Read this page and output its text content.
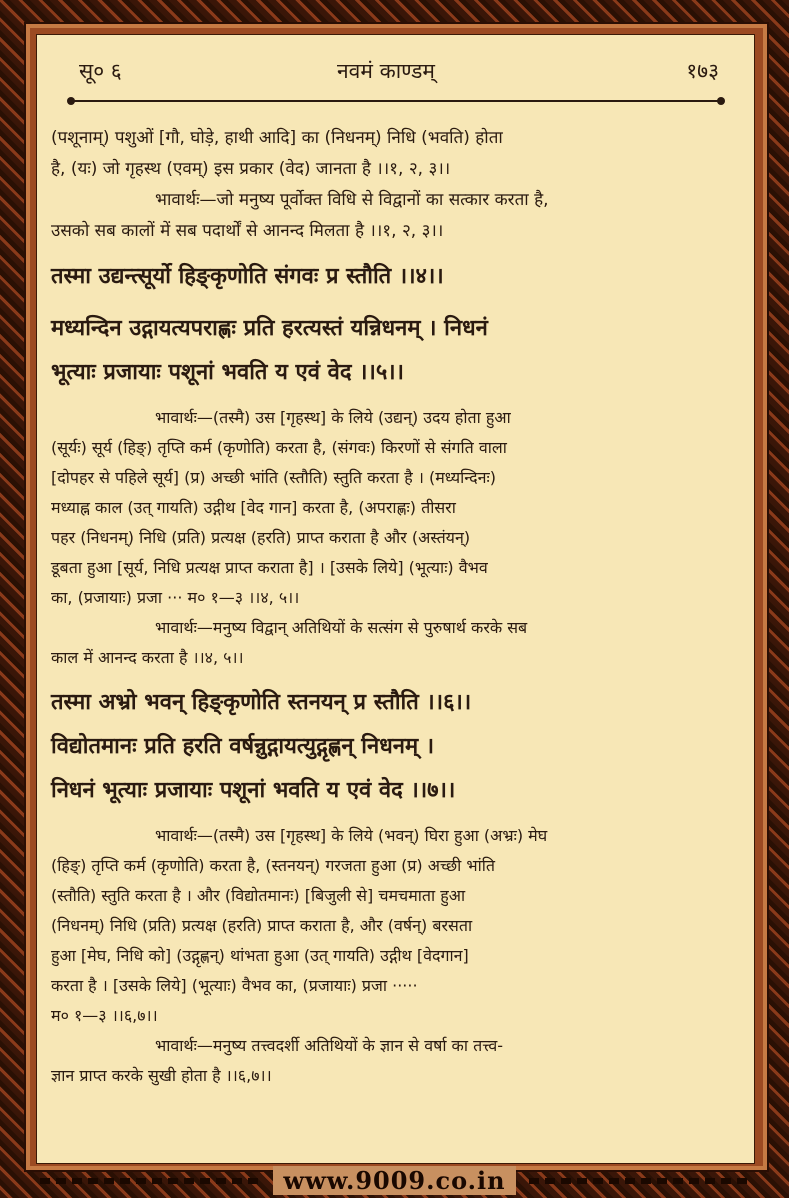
सू० ६	नवमं काण्डम्	१७३

(पशूनाम्) पशुओं [गौ, घोड़े, हाथी आदि] का (निधनम्) निधि (भवति) होता

है, (यः) जो गृहस्थ (एवम्) इस प्रकार (वेद) जानता है ।।१, २, ३।।

भावार्थः—जो मनुष्य पूर्वोक्त विधि से विद्वानों का सत्कार करता है,

उसको सब कालों में सब पदार्थों से आनन्द मिलता है ।।१, २, ३।।

तस्मा उद्यन्त्सूर्यो हिङ्कृणोति संगवः प्र स्तौति ।।४।।

मध्यन्दिन उद्गायत्यपराह्णः प्रति हरत्यस्तं यन्निधनम् । निधनं

भूत्याः प्रजायाः पशूनां भवति य एवं वेद ।।५।।

भावार्थः—(तस्मै) उस [गृहस्थ] के लिये (उद्यन्) उदय होता हुआ

(सूर्यः) सूर्य (हिङ्) तृप्ति कर्म (कृणोति) करता है, (संगवः) किरणों से संगति वाला

[दोपहर से पहिले सूर्य] (प्र) अच्छी भांति (स्तौति) स्तुति करता है । (मध्यन्दिनः)

मध्याह्न काल (उत् गायति) उद्गीथ [वेद गान] करता है, (अपराह्णः) तीसरा

पहर (निधनम्) निधि (प्रति) प्रत्यक्ष (हरति) प्राप्त कराता है और (अस्तंयन्)

डूबता हुआ [सूर्य, निधि प्रत्यक्ष प्राप्त कराता है] । [उसके लिये] (भूत्याः) वैभव

का, (प्रजायाः) प्रजा ··· म० १—३ ।।४, ५।।

भावार्थः—मनुष्य विद्वान् अतिथियों के सत्संग से पुरुषार्थ करके सब

काल में आनन्द करता है ।।४, ५।।

तस्मा अभ्रो भवन् हिङ्कृणोति स्तनयन् प्र स्तौति ।।६।।

विद्योतमानः प्रति हरति वर्षन्नुद्गायत्युद्गृह्णन् निधनम् ।

निधनं भूत्याः प्रजायाः पशूनां भवति य एवं वेद ।।७।।

भावार्थः—(तस्मै) उस [गृहस्थ] के लिये (भवन्) घिरा हुआ (अभ्रः) मेघ

(हिङ्) तृप्ति कर्म (कृणोति) करता है, (स्तनयन्) गरजता हुआ (प्र) अच्छी भांति

(स्तौति) स्तुति करता है । और (विद्योतमानः) [बिजुली से] चमचमाता हुआ

(निधनम्) निधि (प्रति) प्रत्यक्ष (हरति) प्राप्त कराता है, और (वर्षन्) बरसता

हुआ [मेघ, निधि को] (उद्गृह्णन्) थांभता हुआ (उत् गायति) उद्गीथ [वेदगान]

करता है । [उसके लिये] (भूत्याः) वैभव का, (प्रजायाः) प्रजा ·····

म० १—३ ।।६,७।।

भावार्थः—मनुष्य तत्त्वदर्शी अतिथियों के ज्ञान से वर्षा का तत्त्व-

ज्ञान प्राप्त करके सुखी होता है ।।६,७।।

www.9009.co.in
